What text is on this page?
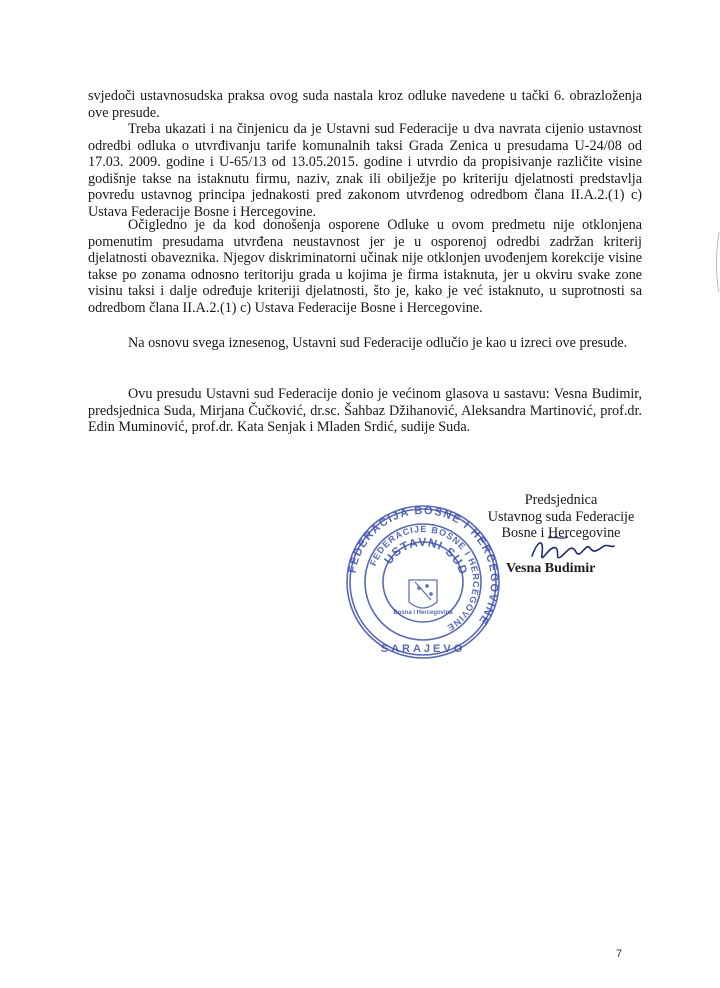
svjedoči ustavnosudska praksa ovog suda nastala kroz odluke navedene u tački 6. obrazloženja ove presude.

Treba ukazati i na činjenicu da je Ustavni sud Federacije u dva navrata cijenio ustavnost odredbi odluka o utvrđivanju tarife komunalnih taksi Grada Zenica u presudama U-24/08 od 17.03. 2009. godine i U-65/13 od 13.05.2015. godine i utvrdio da propisivanje različite visine godišnje takse na istaknutu firmu, naziv, znak ili obilježje po kriteriju djelatnosti predstavlja povredu ustavnog principa jednakosti pred zakonom utvrđenog odredbom člana II.A.2.(1) c) Ustava Federacije Bosne i Hercegovine.

Očigledno je da kod donošenja osporene Odluke u ovom predmetu nije otklonjena pomenutim presudama utvrđena neustavnost jer je u osporenoj odredbi zadržan kriterij djelatnosti obaveznika. Njegov diskriminatorni učinak nije otklonjen uvođenjem korekcije visine takse po zonama odnosno teritoriju grada u kojima je firma istaknuta, jer u okviru svake zone visinu taksi i dalje određuje kriteriji djelatnosti, što je, kako je već istaknuto, u suprotnosti sa odredbom člana II.A.2.(1) c) Ustava Federacije Bosne i Hercegovine.

Na osnovu svega iznesenog, Ustavni sud Federacije odlučio je kao u izreci ove presude.

Ovu presudu Ustavni sud Federacije donio je većinom glasova u sastavu: Vesna Budimir, predsjednica Suda, Mirjana Čučković, dr.sc. Šahbaz Džihanović, Aleksandra Martinović, prof.dr. Edin Muminović, prof.dr. Kata Senjak i Mladen Srdić, sudije Suda.

Predsjednica
Ustavnog suda Federacije
Bosne i Hercegovine
FEDERACIJA BOSNE I HERCEGOVINE
FEDERACIJE BOSNE I HERCEGOVINE
USTAVNI SUD
SARAJEVO
Bosna i Hercegovina
Vesna Budimir
7
